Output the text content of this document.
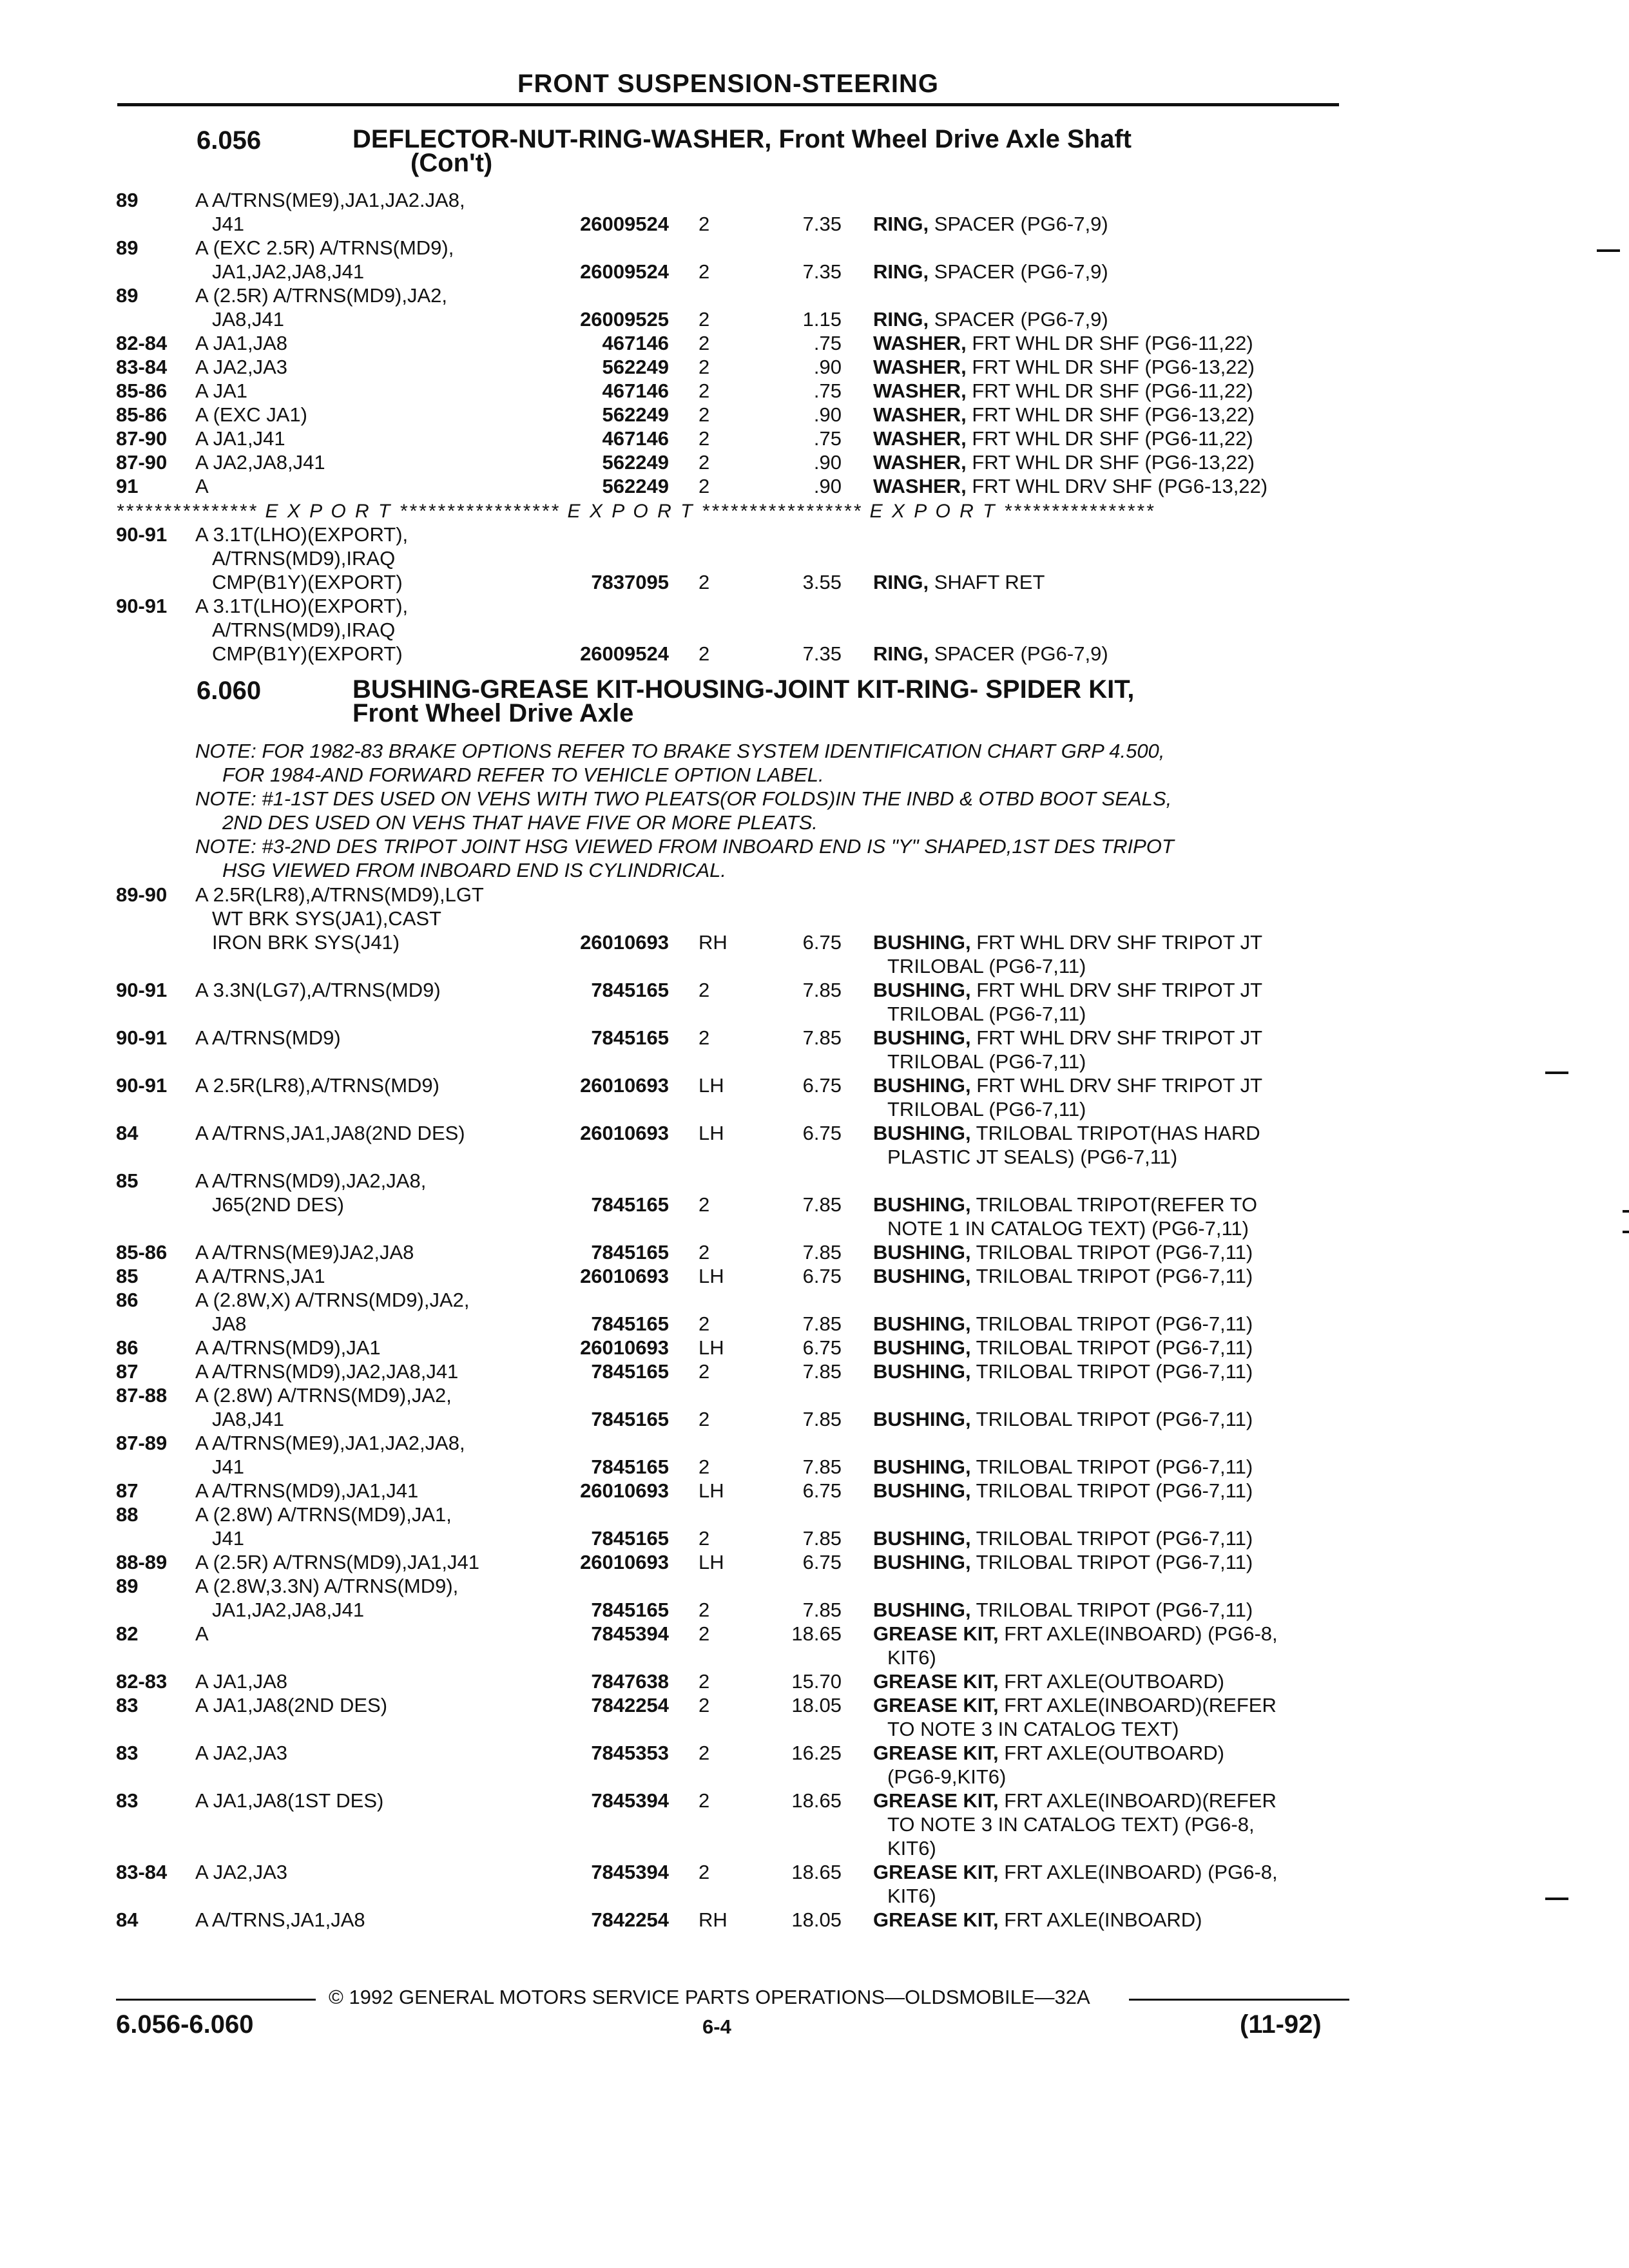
FRONT SUSPENSION-STEERING
6.056	DEFLECTOR-NUT-RING-WASHER, Front Wheel Drive Axle Shaft
(Con't)
89	A A/TRNS(ME9),JA1,JA2.JA8,
J41	26009524 2	7.35 RING, SPACER (PG6-7,9)
89	A (EXC 2.5R) A/TRNS(MD9),
JA1,JA2,JA8,J41	26009524 2	7.35 RING, SPACER (PG6-7,9)
89	A (2.5R) A/TRNS(MD9),JA2,
JA8,J41	26009525 2	1.15 RING, SPACER (PG6-7,9)
82-84 A JA1,JA8	467146 2	.75 WASHER, FRT WHL DR SHF (PG6-11,22)
83-84 A JA2,JA3	562249 2	.90 WASHER, FRT WHL DR SHF (PG6-13,22)
85-86 A JA1	467146 2	.75 WASHER, FRT WHL DR SHF (PG6-11,22)
85-86 A (EXC JA1)	562249 2	.90 WASHER, FRT WHL DR SHF (PG6-13,22)
87-90 A JA1,J41	467146 2	.75 WASHER, FRT WHL DR SHF (PG6-11,22)
87-90 A JA2,JA8,J41	562249 2	.90 WASHER, FRT WHL DR SHF (PG6-13,22)
91	A	562249 2	.90 WASHER, FRT WHL DRV SHF (PG6-13,22)
*************** E X P O R T ***************** E X P O R T ***************** E X P O R T ****************
90-91 A 3.1T(LHO)(EXPORT),
A/TRNS(MD9),IRAQ
CMP(B1Y)(EXPORT)	7837095 2	3.55 RING, SHAFT RET
90-91 A 3.1T(LHO)(EXPORT),
A/TRNS(MD9),IRAQ
CMP(B1Y)(EXPORT)	26009524 2	7.35 RING, SPACER (PG6-7,9)
6.060	BUSHING-GREASE KIT-HOUSING-JOINT KIT-RING- SPIDER KIT,
Front Wheel Drive Axle
NOTE: FOR 1982-83 BRAKE OPTIONS REFER TO BRAKE SYSTEM IDENTIFICATION CHART GRP 4.500,
FOR 1984-AND FORWARD REFER TO VEHICLE OPTION LABEL.
NOTE: #1-1ST DES USED ON VEHS WITH TWO PLEATS(OR FOLDS)IN THE INBD & OTBD BOOT SEALS,
2ND DES USED ON VEHS THAT HAVE FIVE OR MORE PLEATS.
NOTE: #3-2ND DES TRIPOT JOINT HSG VIEWED FROM INBOARD END IS "Y" SHAPED,1ST DES TRIPOT
HSG VIEWED FROM INBOARD END IS CYLINDRICAL.
89-90 A 2.5R(LR8),A/TRNS(MD9),LGT
WT BRK SYS(JA1),CAST
IRON BRK SYS(J41)	26010693 RH	6.75 BUSHING, FRT WHL DRV SHF TRIPOT JT
TRILOBAL (PG6-7,11)
90-91 A 3.3N(LG7),A/TRNS(MD9)	7845165 2	7.85 BUSHING, FRT WHL DRV SHF TRIPOT JT
TRILOBAL (PG6-7,11)
90-91 A A/TRNS(MD9)	7845165 2	7.85 BUSHING, FRT WHL DRV SHF TRIPOT JT
TRILOBAL (PG6-7,11)
90-91 A 2.5R(LR8),A/TRNS(MD9)	26010693 LH	6.75 BUSHING, FRT WHL DRV SHF TRIPOT JT
TRILOBAL (PG6-7,11)
84	A A/TRNS,JA1,JA8(2ND DES)	26010693 LH	6.75 BUSHING, TRILOBAL TRIPOT(HAS HARD
PLASTIC JT SEALS) (PG6-7,11)
85	A A/TRNS(MD9),JA2,JA8,
J65(2ND DES)	7845165 2	7.85 BUSHING, TRILOBAL TRIPOT(REFER TO
NOTE 1 IN CATALOG TEXT) (PG6-7,11)
85-86 A A/TRNS(ME9)JA2,JA8	7845165 2	7.85 BUSHING, TRILOBAL TRIPOT (PG6-7,11)
85	A A/TRNS,JA1	26010693 LH	6.75 BUSHING, TRILOBAL TRIPOT (PG6-7,11)
86	A (2.8W,X) A/TRNS(MD9),JA2,
JA8	7845165 2	7.85 BUSHING, TRILOBAL TRIPOT (PG6-7,11)
86	A A/TRNS(MD9),JA1	26010693 LH	6.75 BUSHING, TRILOBAL TRIPOT (PG6-7,11)
87	A A/TRNS(MD9),JA2,JA8,J41	7845165 2	7.85 BUSHING, TRILOBAL TRIPOT (PG6-7,11)
87-88 A (2.8W) A/TRNS(MD9),JA2,
JA8,J41	7845165 2	7.85 BUSHING, TRILOBAL TRIPOT (PG6-7,11)
87-89 A A/TRNS(ME9),JA1,JA2,JA8,
J41	7845165 2	7.85 BUSHING, TRILOBAL TRIPOT (PG6-7,11)
87	A A/TRNS(MD9),JA1,J41	26010693 LH	6.75 BUSHING, TRILOBAL TRIPOT (PG6-7,11)
88	A (2.8W) A/TRNS(MD9),JA1,
J41	7845165 2	7.85 BUSHING, TRILOBAL TRIPOT (PG6-7,11)
88-89 A (2.5R) A/TRNS(MD9),JA1,J41	26010693 LH	6.75 BUSHING, TRILOBAL TRIPOT (PG6-7,11)
89	A (2.8W,3.3N) A/TRNS(MD9),
JA1,JA2,JA8,J41	7845165 2	7.85 BUSHING, TRILOBAL TRIPOT (PG6-7,11)
82	A	7845394 2	18.65 GREASE KIT, FRT AXLE(INBOARD) (PG6-8,
KIT6)
82-83 A JA1,JA8	7847638 2	15.70 GREASE KIT, FRT AXLE(OUTBOARD)
83	A JA1,JA8(2ND DES)	7842254 2	18.05 GREASE KIT, FRT AXLE(INBOARD)(REFER
TO NOTE 3 IN CATALOG TEXT)
83	A JA2,JA3	7845353 2	16.25 GREASE KIT, FRT AXLE(OUTBOARD)
(PG6-9,KIT6)
83	A JA1,JA8(1ST DES)	7845394 2	18.65 GREASE KIT, FRT AXLE(INBOARD)(REFER
TO NOTE 3 IN CATALOG TEXT) (PG6-8,
KIT6)
83-84 A JA2,JA3	7845394 2	18.65 GREASE KIT, FRT AXLE(INBOARD) (PG6-8,
KIT6)
84	A A/TRNS,JA1,JA8	7842254 RH	18.05 GREASE KIT, FRT AXLE(INBOARD)
© 1992 GENERAL MOTORS SERVICE PARTS OPERATIONS—OLDSMOBILE—32A
6.056-6.060	6-4	(11-92)
